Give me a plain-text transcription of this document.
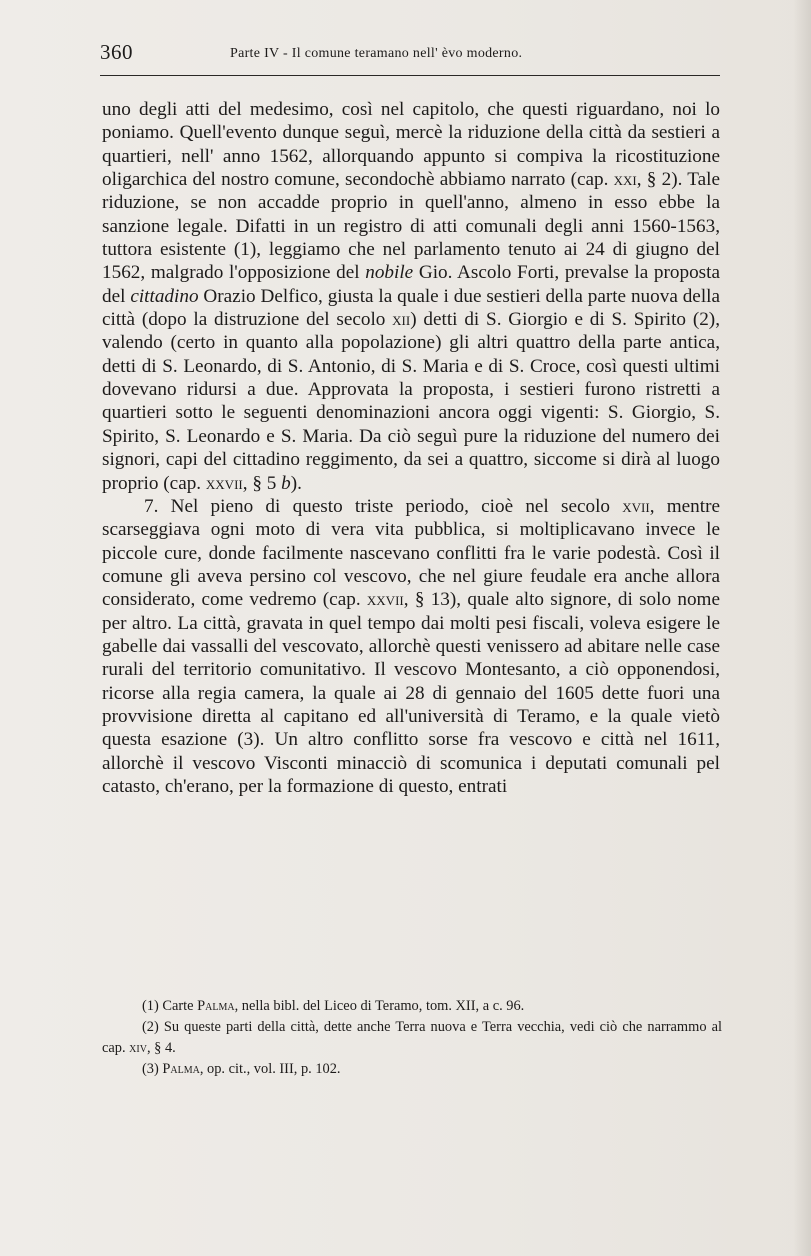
360	Parte IV - Il comune teramano nell' èvo moderno.

uno degli atti del medesimo, così nel capitolo, che questi riguardano, noi lo poniamo. Quell'evento dunque seguì, mercè la riduzione della città da sestieri a quartieri, nell' anno 1562, allorquando appunto si compiva la ricostituzione oligarchica del nostro comune, secondochè abbiamo narrato (cap. xxi, § 2). Tale riduzione, se non accadde proprio in quell'anno, almeno in esso ebbe la sanzione legale. Difatti in un registro di atti comunali degli anni 1560-1563, tuttora esistente (1), leggiamo che nel parlamento tenuto ai 24 di giugno del 1562, malgrado l'opposizione del nobile Gio. Ascolo Forti, prevalse la proposta del cittadino Orazio Delfico, giusta la quale i due sestieri della parte nuova della città (dopo la distruzione del secolo xii) detti di S. Giorgio e di S. Spirito (2), valendo (certo in quanto alla popolazione) gli altri quattro della parte antica, detti di S. Leonardo, di S. Antonio, di S. Maria e di S. Croce, così questi ultimi dovevano ridursi a due. Approvata la proposta, i sestieri furono ristretti a quartieri sotto le seguenti denominazioni ancora oggi vigenti: S. Giorgio, S. Spirito, S. Leonardo e S. Maria. Da ciò seguì pure la riduzione del numero dei signori, capi del cittadino reggimento, da sei a quattro, siccome si dirà al luogo proprio (cap. xxvii, § 5 b).

7. Nel pieno di questo triste periodo, cioè nel secolo xvii, mentre scarseggiava ogni moto di vera vita pubblica, si moltiplicavano invece le piccole cure, donde facilmente nascevano conflitti fra le varie podestà. Così il comune gli aveva persino col vescovo, che nel giure feudale era anche allora considerato, come vedremo (cap. xxvii, § 13), quale alto signore, di solo nome per altro. La città, gravata in quel tempo dai molti pesi fiscali, voleva esigere le gabelle dai vassalli del vescovato, allorchè questi venissero ad abitare nelle case rurali del territorio comunitativo. Il vescovo Montesanto, a ciò opponendosi, ricorse alla regia camera, la quale ai 28 di gennaio del 1605 dette fuori una provvisione diretta al capitano ed all'università di Teramo, e la quale vietò questa esazione (3). Un altro conflitto sorse fra vescovo e città nel 1611, allorchè il vescovo Visconti minacciò di scomunica i deputati comunali pel catasto, ch'erano, per la formazione di questo, entrati

(1) Carte Palma, nella bibl. del Liceo di Teramo, tom. XII, a c. 96.

(2) Su queste parti della città, dette anche Terra nuova e Terra vecchia, vedi ciò che narrammo al cap. xiv, § 4.

(3) Palma, op. cit., vol. III, p. 102.
